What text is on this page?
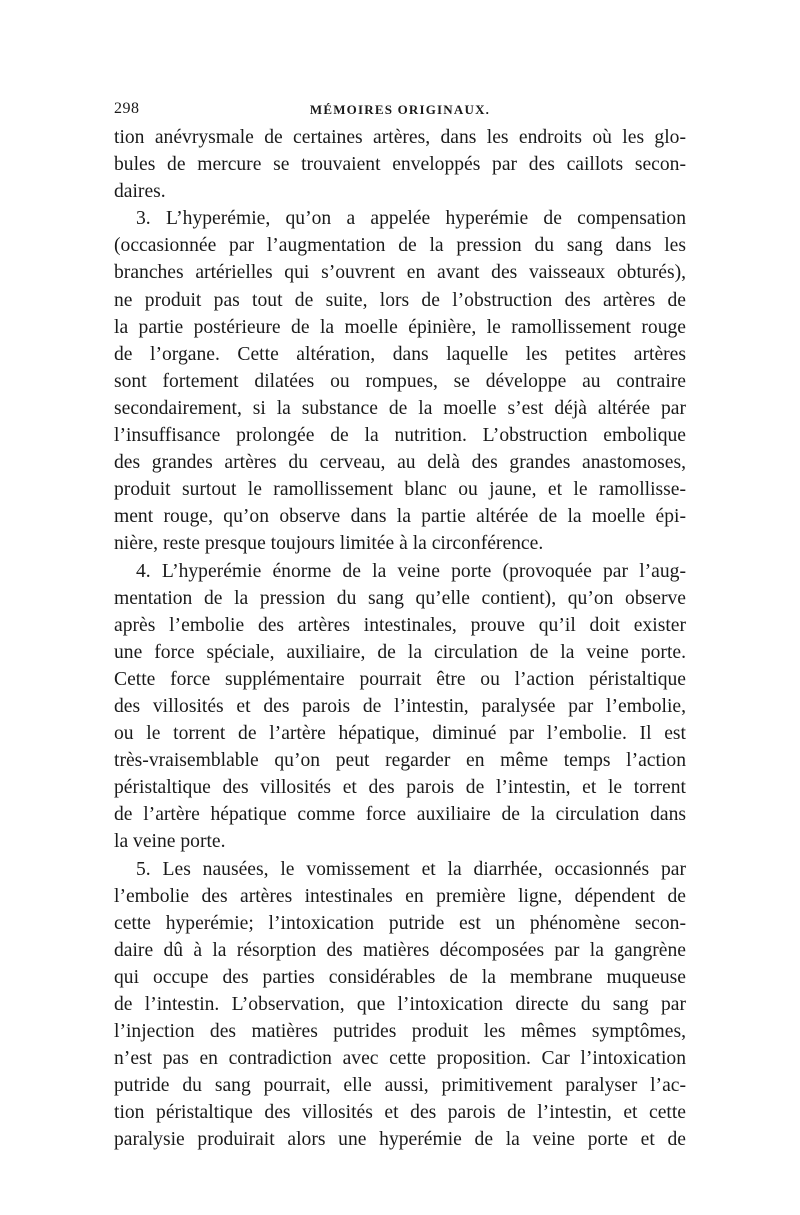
298	MÉMOIRES ORIGINAUX.
tion anévrysmale de certaines artères, dans les endroits où les glo-
bules de mercure se trouvaient enveloppés par des caillots secon-
daires.
3. L’hyperémie, qu’on a appelée hyperémie de compensation
(occasionnée par l’augmentation de la pression du sang dans les
branches artérielles qui s’ouvrent en avant des vaisseaux obturés),
ne produit pas tout de suite, lors de l’obstruction des artères de
la partie postérieure de la moelle épinière, le ramollissement rouge
de l’organe. Cette altération, dans laquelle les petites artères
sont fortement dilatées ou rompues, se développe au contraire
secondairement, si la substance de la moelle s’est déjà altérée par
l’insuffisance prolongée de la nutrition. L’obstruction embolique
des grandes artères du cerveau, au delà des grandes anastomoses,
produit surtout le ramollissement blanc ou jaune, et le ramollisse-
ment rouge, qu’on observe dans la partie altérée de la moelle épi-
nière, reste presque toujours limitée à la circonférence.
4. L’hyperémie énorme de la veine porte (provoquée par l’aug-
mentation de la pression du sang qu’elle contient), qu’on observe
après l’embolie des artères intestinales, prouve qu’il doit exister
une force spéciale, auxiliaire, de la circulation de la veine porte.
Cette force supplémentaire pourrait être ou l’action péristaltique
des villosités et des parois de l’intestin, paralysée par l’embolie,
ou le torrent de l’artère hépatique, diminué par l’embolie. Il est
très-vraisemblable qu’on peut regarder en même temps l’action
péristaltique des villosités et des parois de l’intestin, et le torrent
de l’artère hépatique comme force auxiliaire de la circulation dans
la veine porte.
5. Les nausées, le vomissement et la diarrhée, occasionnés par
l’embolie des artères intestinales en première ligne, dépendent de
cette hyperémie; l’intoxication putride est un phénomène secon-
daire dû à la résorption des matières décomposées par la gangrène
qui occupe des parties considérables de la membrane muqueuse
de l’intestin. L’observation, que l’intoxication directe du sang par
l’injection des matières putrides produit les mêmes symptômes,
n’est pas en contradiction avec cette proposition. Car l’intoxication
putride du sang pourrait, elle aussi, primitivement paralyser l’ac-
tion péristaltique des villosités et des parois de l’intestin, et cette
paralysie produirait alors une hyperémie de la veine porte et de
